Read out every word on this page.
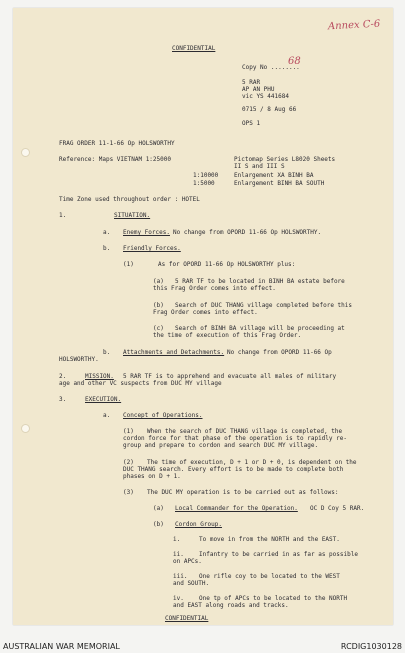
Annex C-6
CONFIDENTIAL
Copy No ........
68
5 RAR
AP AN PHU
vic YS 441684
0715 / 8 Aug 66
OPS 1
FRAG ORDER 11-1-66 Op HOLSWORTHY
Reference: Maps VIETNAM 1:25000	Pictomap Series L8020 Sheets
II S and III S
1:10000	Enlargement XA BINH BA
1:5000	Enlargement BINH BA SOUTH
Time Zone used throughout order : HOTEL
1.	SITUATION.
a. Enemy Forces. No change from OPORD 11-66 Op HOLSWORTHY.
b. Friendly Forces.
(1)	As for OPORD 11-66 Op HOLSWORTHY plus:
(a) 5 RAR TF to be located in BINH BA estate before
this Frag Order comes into effect.
(b) Search of DUC THANG village completed before this
Frag Order comes into effect.
(c) Search of BINH BA village will be proceeding at
the time of execution of this Frag Order.
b. Attachments and Detachments. No change from OPORD 11-66 Op
HOLSWORTHY.
2.	MISSION. 5 RAR TF is to apprehend and evacuate all males of military
age and other VC suspects from DUC MY village
3.	EXECUTION.
a. Concept of Operations.
(1) When the search of DUC THANG village is completed, the
cordon force for that phase of the operation is to rapidly re-
group and prepare to cordon and search DUC MY village.
(2) The time of execution, D + 1 or D + 0, is dependent on the
DUC THANG search. Every effort is to be made to complete both
phases on D + 1.
(3) The DUC MY operation is to be carried out as follows:
(a) Local Commander for the Operation. OC D Coy 5 RAR.
(b) Cordon Group.
i.	To move in from the NORTH and the EAST.
ii.	Infantry to be carried in as far as possible
on APCs.
iii. One rifle coy to be located to the WEST
and SOUTH.
iv.	One tp of APCs to be located to the NORTH
and EAST along roads and tracks.
CONFIDENTIAL
AUSTRALIAN WAR MEMORIAL	RCDIG1030128
